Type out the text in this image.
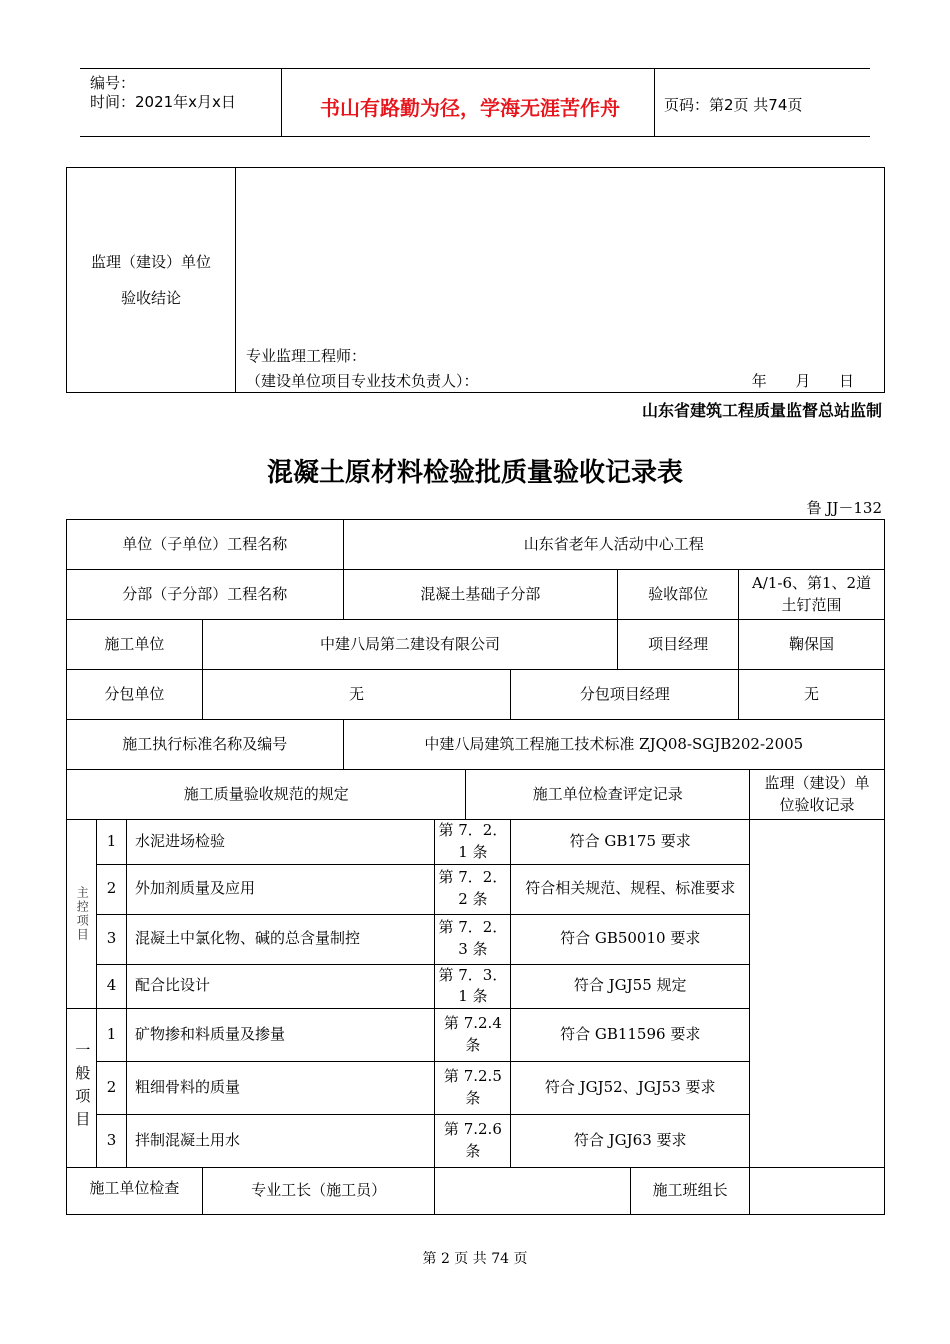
编号：
时间：2021年x月x日	书山有路勤为径，学海无涯苦作舟	页码：第2页 共74页
监理（建设）单位
验收结论

专业监理工程师：
（建设单位项目专业技术负责人）：	年      月      日
山东省建筑工程质量监督总站监制
混凝土原材料检验批质量验收记录表
鲁 JJ－132
单位（子单位）工程名称				山东省老年人活动中心工程							
分部（子分部）工程名称				混凝土基础子分部				验收部位		A/1-6、第1、2道土钉范围	
施工单位			中建八局第二建设有限公司					项目经理		鞠保国	
分包单位			无				分包项目经理			无	
施工执行标准名称及编号				中建八局建筑工程施工技术标准 ZJQ08-SGJB202-2005							
施工质量验收规范的规定						施工单位检查评定记录					监理（建设）单位验收记录

主控项目	1	水泥进场检验			第 7．2．1 条		符合 GB175 要求				
	2	外加剂质量及应用			第 7．2．2 条		符合相关规范、规程、标准要求				
	3	混凝土中氯化物、碱的总含量制控			第 7．2．3 条		符合 GB50010 要求				
	4	配合比设计			第 7．3．1 条		符合 JGJ55 规定				

一般项目	1	矿物掺和料质量及掺量			第 7.2.4 条		符合 GB11596 要求				
	2	粗细骨料的质量			第 7.2.5 条		符合 JGJ52、JGJ53 要求				
	3	拌制混凝土用水			第 7.2.6 条		符合 JGJ63 要求				
施工单位检查			专业工长（施工员）						施工班组长		
第 2 页 共 74 页
